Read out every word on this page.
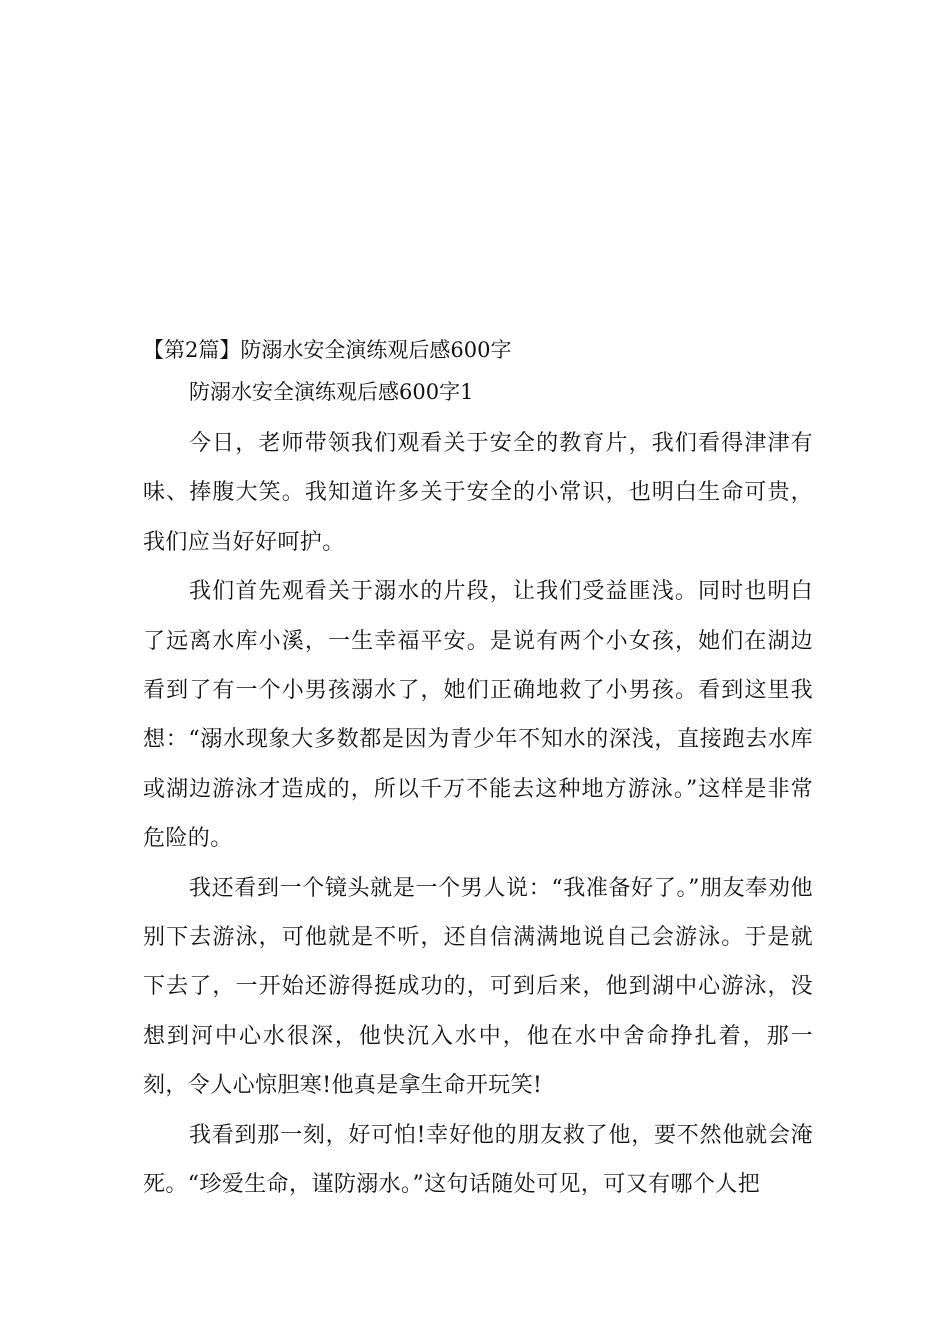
【第2篇】防溺水安全演练观后感600字
防溺水安全演练观后感600字1

今日，老师带领我们观看关于安全的教育片，我们看得津津有味、捧腹大笑。我知道许多关于安全的小常识，也明白生命可贵，我们应当好好呵护。

我们首先观看关于溺水的片段，让我们受益匪浅。同时也明白了远离水库小溪，一生幸福平安。是说有两个小女孩，她们在湖边看到了有一个小男孩溺水了，她们正确地救了小男孩。看到这里我想：“溺水现象大多数都是因为青少年不知水的深浅，直接跑去水库或湖边游泳才造成的，所以千万不能去这种地方游泳。”这样是非常危险的。

我还看到一个镜头就是一个男人说：“我准备好了。”朋友奉劝他别下去游泳，可他就是不听，还自信满满地说自己会游泳。于是就下去了，一开始还游得挺成功的，可到后来，他到湖中心游泳，没想到河中心水很深，他快沉入水中，他在水中舍命挣扎着，那一刻，令人心惊胆寒!他真是拿生命开玩笑!

我看到那一刻，好可怕!幸好他的朋友救了他，要不然他就会淹死。“珍爱生命，谨防溺水。”这句话随处可见，可又有哪个人把
